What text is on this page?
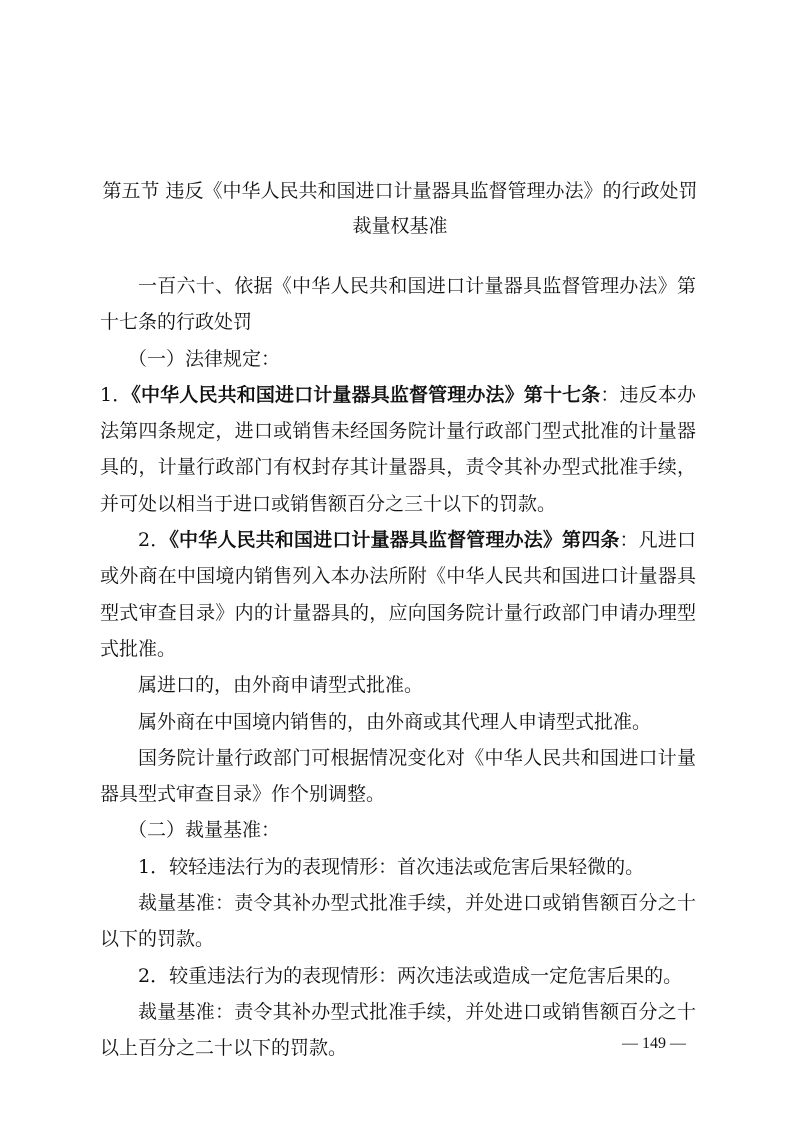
第五节 违反《中华人民共和国进口计量器具监督管理办法》的行政处罚
裁量权基准

一百六十、依据《中华人民共和国进口计量器具监督管理办法》第十七条的行政处罚

（一）法律规定：

1．《中华人民共和国进口计量器具监督管理办法》第十七条：违反本办法第四条规定，进口或销售未经国务院计量行政部门型式批准的计量器具的，计量行政部门有权封存其计量器具，责令其补办型式批准手续，并可处以相当于进口或销售额百分之三十以下的罚款。

2．《中华人民共和国进口计量器具监督管理办法》第四条：凡进口或外商在中国境内销售列入本办法所附《中华人民共和国进口计量器具型式审查目录》内的计量器具的，应向国务院计量行政部门申请办理型式批准。

属进口的，由外商申请型式批准。

属外商在中国境内销售的，由外商或其代理人申请型式批准。

国务院计量行政部门可根据情况变化对《中华人民共和国进口计量器具型式审查目录》作个别调整。

（二）裁量基准：

1．较轻违法行为的表现情形：首次违法或危害后果轻微的。

裁量基准：责令其补办型式批准手续，并处进口或销售额百分之十以下的罚款。

2．较重违法行为的表现情形：两次违法或造成一定危害后果的。

裁量基准：责令其补办型式批准手续，并处进口或销售额百分之十以上百分之二十以下的罚款。	— 149 —
